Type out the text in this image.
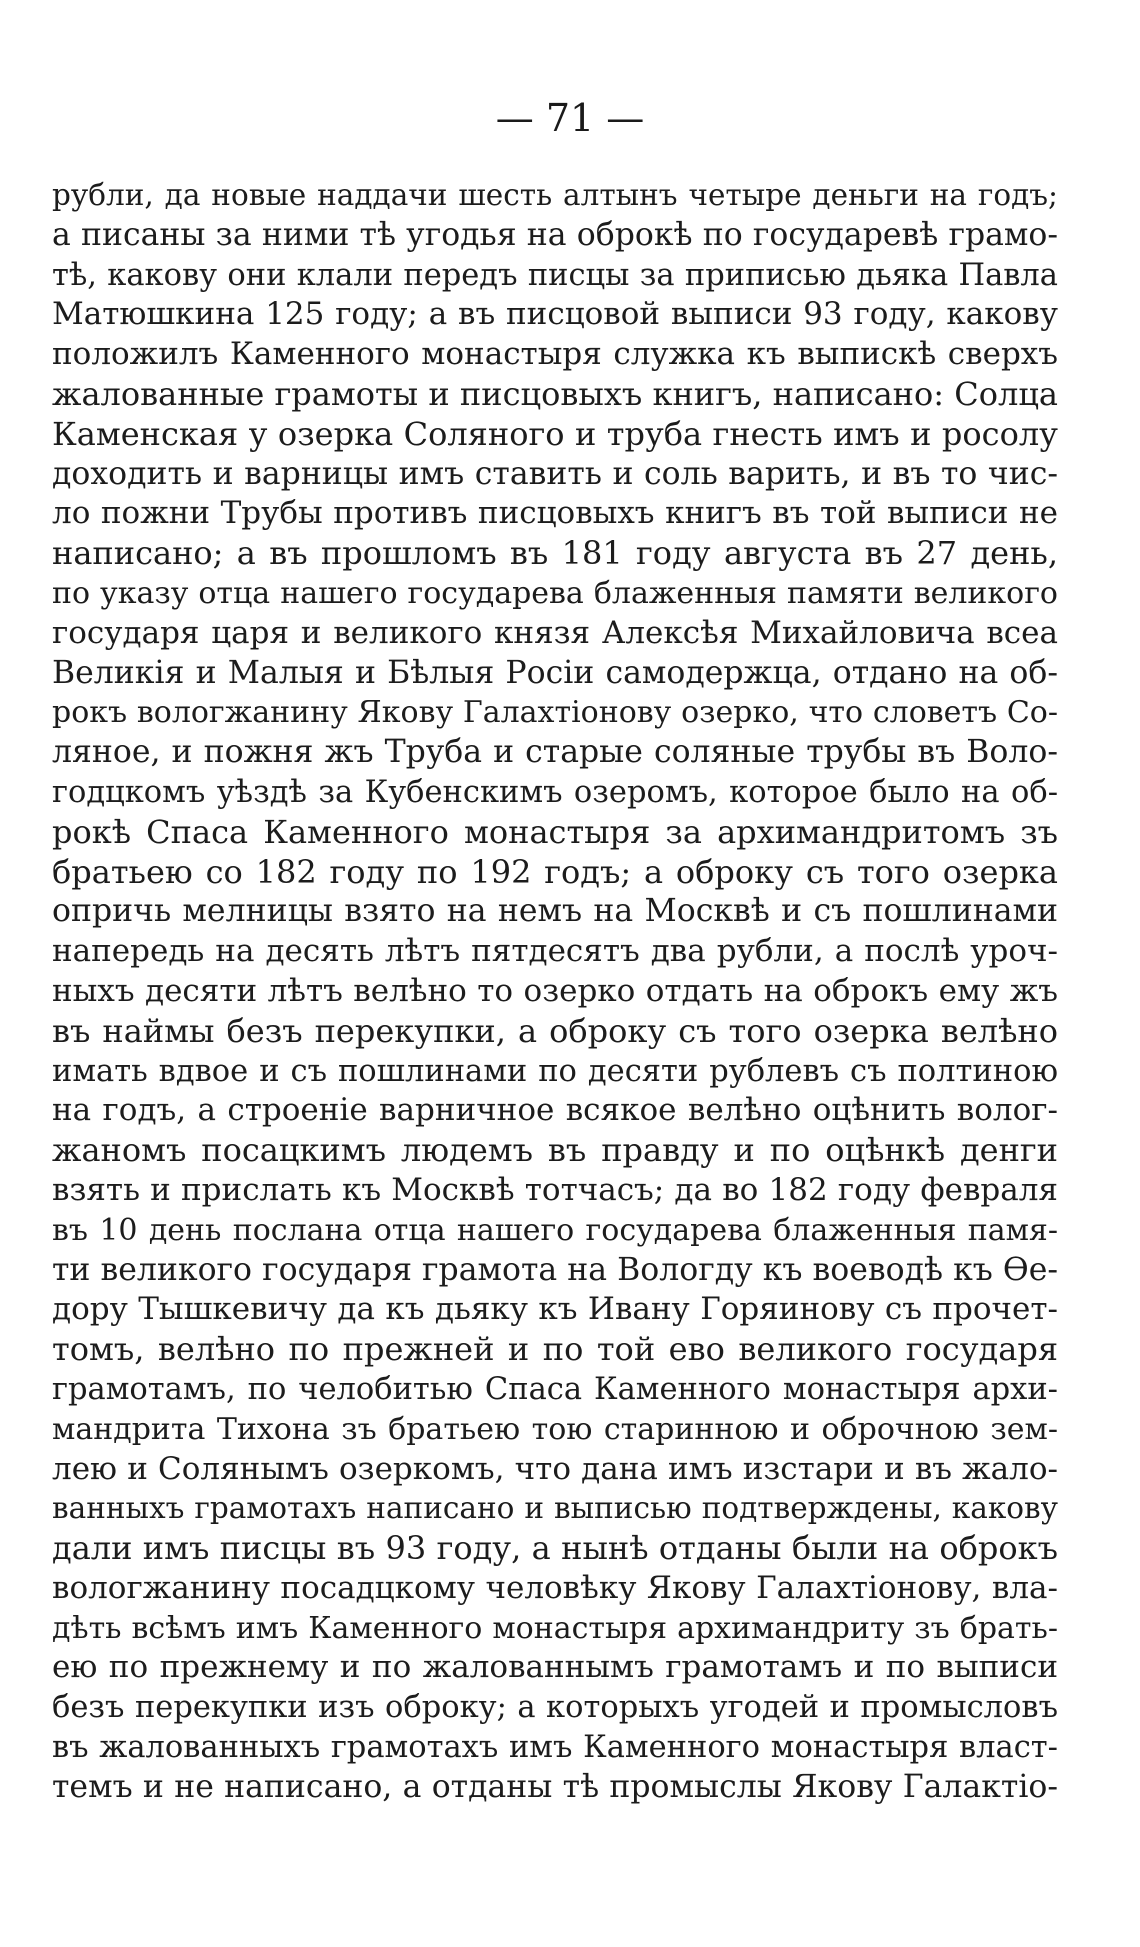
— 71 —
рубли, да новые наддачи шесть алтынъ четыре деньги на годъ;
а писаны за ними тѣ угодья на оброкѣ по государевѣ грамо-
тѣ, какову они клали передъ писцы за приписью дьяка Павла
Матюшкина 125 году; а въ писцовой выписи 93 году, какову
положилъ Каменного монастыря служка къ выпискѣ сверхъ
жалованные грамоты и писцовыхъ книгъ, написано: Солца
Каменская у озерка Соляного и труба гнесть имъ и росолу
доходить и варницы имъ ставить и соль варить, и въ то чис-
ло пожни Трубы противъ писцовыхъ книгъ въ той выписи не
написано; а въ прошломъ въ 181 году августа въ 27 день,
по указу отца нашего государева блаженныя памяти великого
государя царя и великого князя Алексѣя Михайловича всеа
Великія и Малыя и Бѣлыя Росіи самодержца, отдано на об-
рокъ вологжанину Якову Галахтіонову озерко, что словетъ Со-
ляное, и пожня жъ Труба и старые соляные трубы въ Воло-
годцкомъ уѣздѣ за Кубенскимъ озеромъ, которое было на об-
рокѣ Спаса Каменного монастыря за архимандритомъ зъ
братьею со 182 году по 192 годъ; а оброку съ того озерка
опричь мелницы взято на немъ на Москвѣ и съ пошлинами
напередь на десять лѣтъ пятдесятъ два рубли, а послѣ уроч-
ныхъ десяти лѣтъ велѣно то озерко отдать на оброкъ ему жъ
въ наймы безъ перекупки, а оброку съ того озерка велѣно
имать вдвое и съ пошлинами по десяти рублевъ съ полтиною
на годъ, а строеніе варничное всякое велѣно оцѣнить волог-
жаномъ посацкимъ людемъ въ правду и по оцѣнкѣ денги
взять и прислать къ Москвѣ тотчасъ; да во 182 году февраля
въ 10 день послана отца нашего государева блаженныя памя-
ти великого государя грамота на Вологду къ воеводѣ къ Ѳе-
дору Тышкевичу да къ дьяку къ Ивану Горяинову съ прочет-
томъ, велѣно по прежней и по той ево великого государя
грамотамъ, по челобитью Спаса Каменного монастыря архи-
мандрита Тихона зъ братьею тою старинною и оброчною зем-
лею и Солянымъ озеркомъ, что дана имъ изстари и въ жало-
ванныхъ грамотахъ написано и выписью подтверждены, какову
дали имъ писцы въ 93 году, а нынѣ отданы были на оброкъ
вологжанину посадцкому человѣку Якову Галахтіонову, вла-
дѣть всѣмъ имъ Каменного монастыря архимандриту зъ брать-
ею по прежнему и по жалованнымъ грамотамъ и по выписи
безъ перекупки изъ оброку; а которыхъ угодей и промысловъ
въ жалованныхъ грамотахъ имъ Каменного монастыря власт-
темъ и не написано, а отданы тѣ промыслы Якову Галактіо-
